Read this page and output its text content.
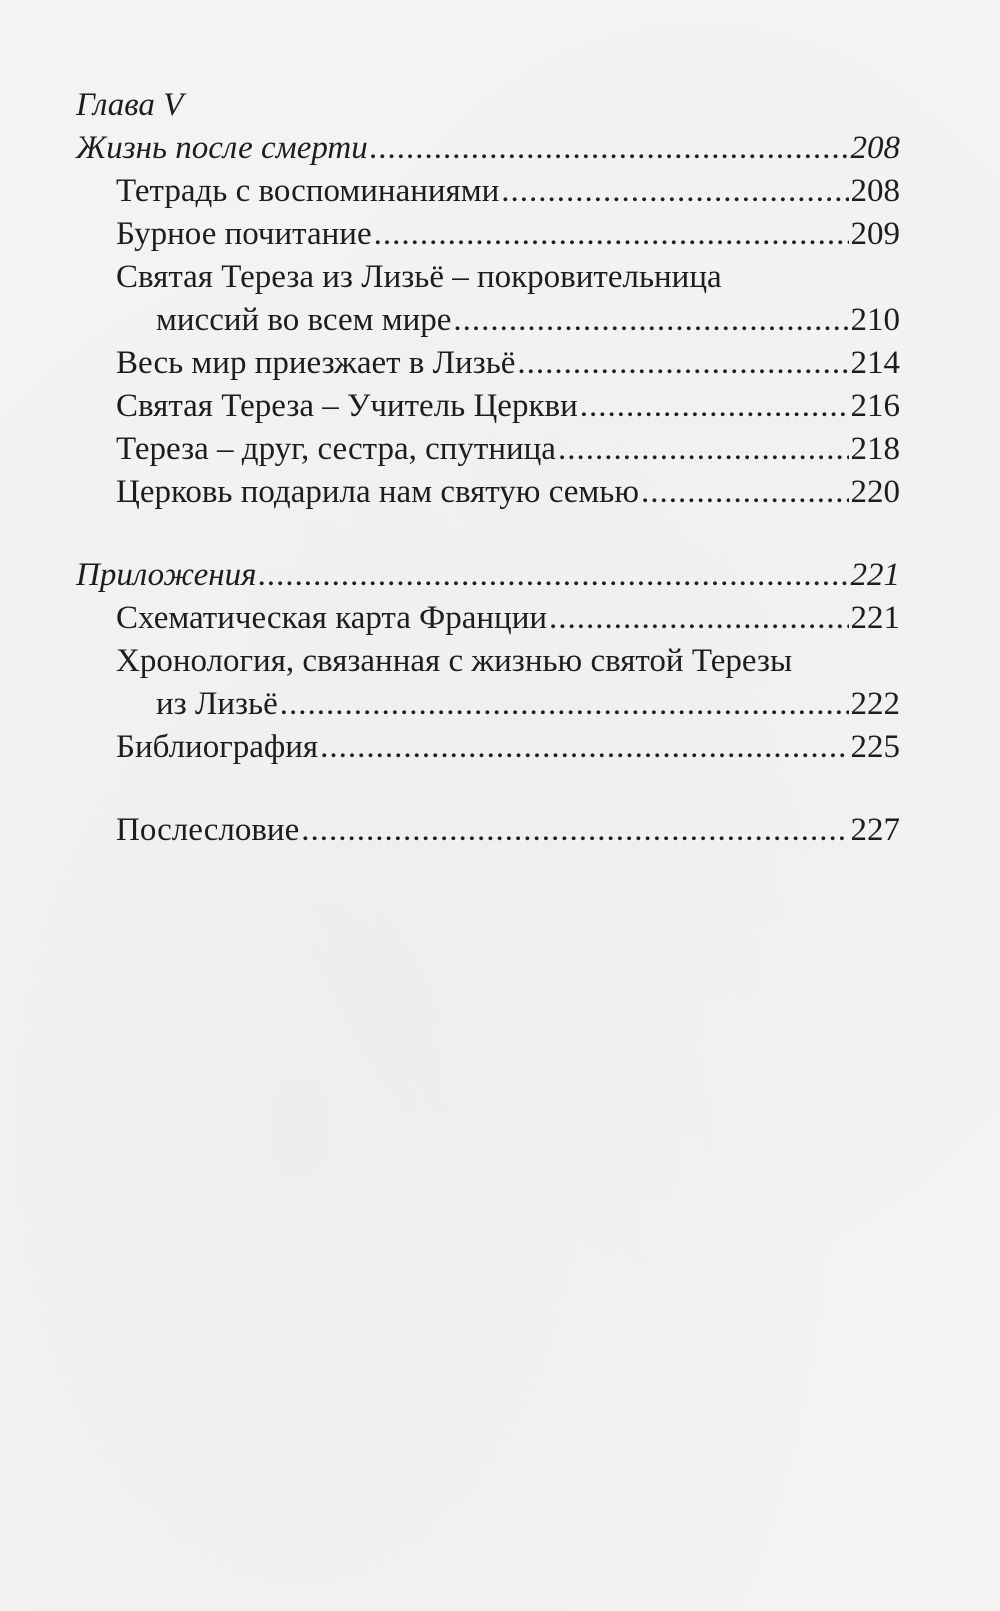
Глава V
Жизнь после смерти .....	208
Тетрадь с воспоминаниями .....	208
Бурное почитание .....	209
Святая Тереза из Лизьё – покровительница
миссий во всем мире .....	210
Весь мир приезжает в Лизьё .....	214
Святая Тереза – Учитель Церкви .....	216
Тереза – друг, сестра, спутница .....	218
Церковь подарила нам святую семью .....	220
Приложения .....	221
Схематическая карта Франции .....	221
Хронология, связанная с жизнью святой Терезы
из Лизьё .....	222
Библиография .....	225
Послесловие .....	227
